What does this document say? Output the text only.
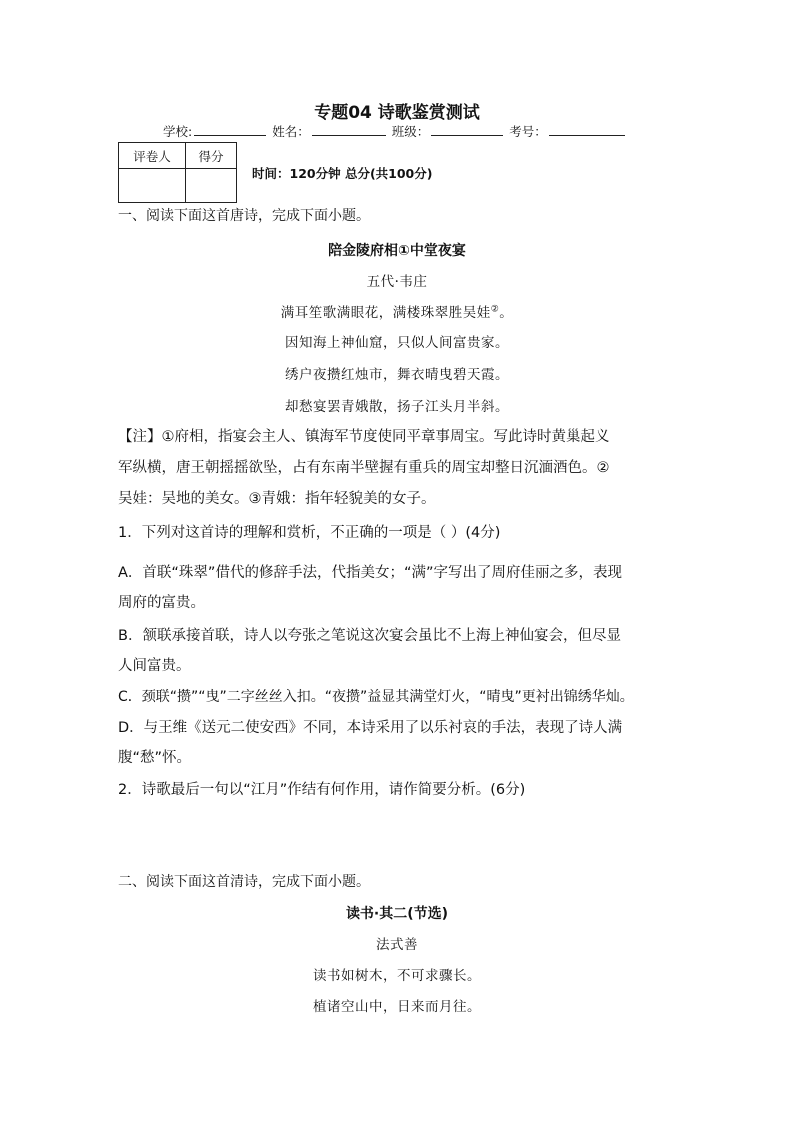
专题04 诗歌鉴赏测试
学校:	姓名：	班级：	考号：
评卷人	得分

时间：120分钟 总分(共100分)
一、阅读下面这首唐诗，完成下面小题。
陪金陵府相①中堂夜宴
五代·韦庄
满耳笙歌满眼花，满楼珠翠胜吴娃②。
因知海上神仙窟，只似人间富贵家。
绣户夜攒红烛市，舞衣晴曳碧天霞。
却愁宴罢青娥散，扬子江头月半斜。
【注】①府相，指宴会主人、镇海军节度使同平章事周宝。写此诗时黄巢起义
军纵横，唐王朝摇摇欲坠，占有东南半壁握有重兵的周宝却整日沉湎酒色。②
吴娃：吴地的美女。③青娥：指年轻貌美的女子。
1．下列对这首诗的理解和赏析，不正确的一项是（ ）(4分)
A．首联“珠翠”借代的修辞手法，代指美女；“满”字写出了周府佳丽之多，表现
周府的富贵。
B．颔联承接首联，诗人以夸张之笔说这次宴会虽比不上海上神仙宴会，但尽显
人间富贵。
C．颈联“攒”“曳”二字丝丝入扣。“夜攒”益显其满堂灯火，“晴曳”更衬出锦绣华灿。
D．与王维《送元二使安西》不同，本诗采用了以乐衬哀的手法，表现了诗人满
腹“愁”怀。
2．诗歌最后一句以“江月”作结有何作用，请作简要分析。(6分)
二、阅读下面这首清诗，完成下面小题。
读书·其二(节选)
法式善
读书如树木，不可求骤长。
植诸空山中，日来而月往。
